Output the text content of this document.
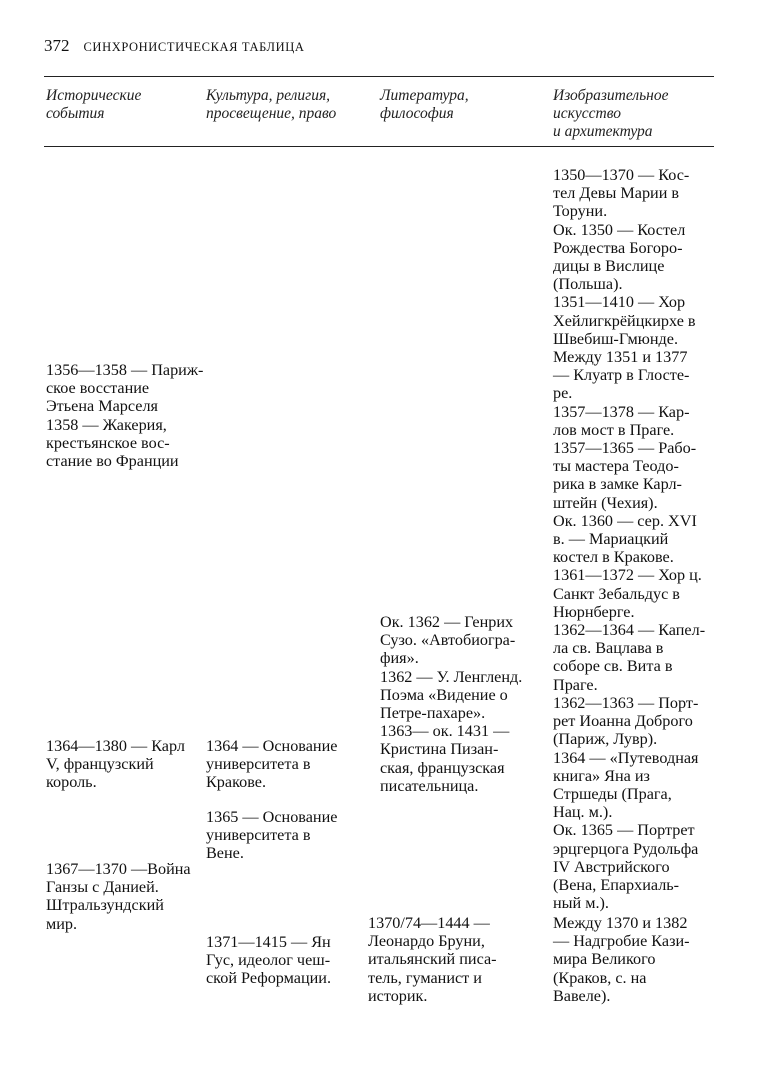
372 СИНХРОНИСТИЧЕСКАЯ ТАБЛИЦА
Исторические
события
Культура, религия,
просвещение, право
Литература,
философия
Изобразительное
искусство
и архитектура

1356—1358 — Париж-
ское восстание
Этьена Марселя
1358 — Жакерия,
крестьянское вос-
стание во Франции

1364—1380 — Карл
V, французский
король.

1367—1370 —Война
Ганзы с Данией.
Штральзундский
мир.

1364 — Основание
университета в
Кракове.

1365 — Основание
университета в
Вене.

1371—1415 — Ян
Гус, идеолог чеш-
ской Реформации.

Ок. 1362 — Генрих
Сузо. «Автобиогра-
фия».
1362 — У. Ленгленд.
Поэма «Видение о
Петре-пахаре».
1363— ок. 1431 —
Кристина Пизан-
ская, французская
писательница.

1370/74—1444 —
Леонардо Бруни,
итальянский писа-
тель, гуманист и
историк.

1350—1370 — Кос-
тел Девы Марии в
Торуни.
Ок. 1350 — Костел
Рождества Богоро-
дицы в Вислице
(Польша).
1351—1410 — Хор
Хейлигкрёйцкирхе в
Швебиш-Гмюнде.
Между 1351 и 1377
— Клуатр в Глосте-
ре.
1357—1378 — Кар-
лов мост в Праге.
1357—1365 — Рабо-
ты мастера Теодо-
рика в замке Карл-
штейн (Чехия).
Ок. 1360 — сер. XVI
в. — Мариацкий
костел в Кракове.
1361—1372 — Хор ц.
Санкт Зебальдус в
Нюрнберге.
1362—1364 — Капел-
ла св. Вацлава в
соборе св. Вита в
Праге.
1362—1363 — Порт-
рет Иоанна Доброго
(Париж, Лувр).
1364 — «Путеводная
книга» Яна из
Стршеды (Прага,
Нац. м.).
Ок. 1365 — Портрет
эрцгерцога Рудольфа
IV Австрийского
(Вена, Епархиаль-
ный м.).

Между 1370 и 1382
— Надгробие Кази-
мира Великого
(Краков, с. на
Вавеле).
